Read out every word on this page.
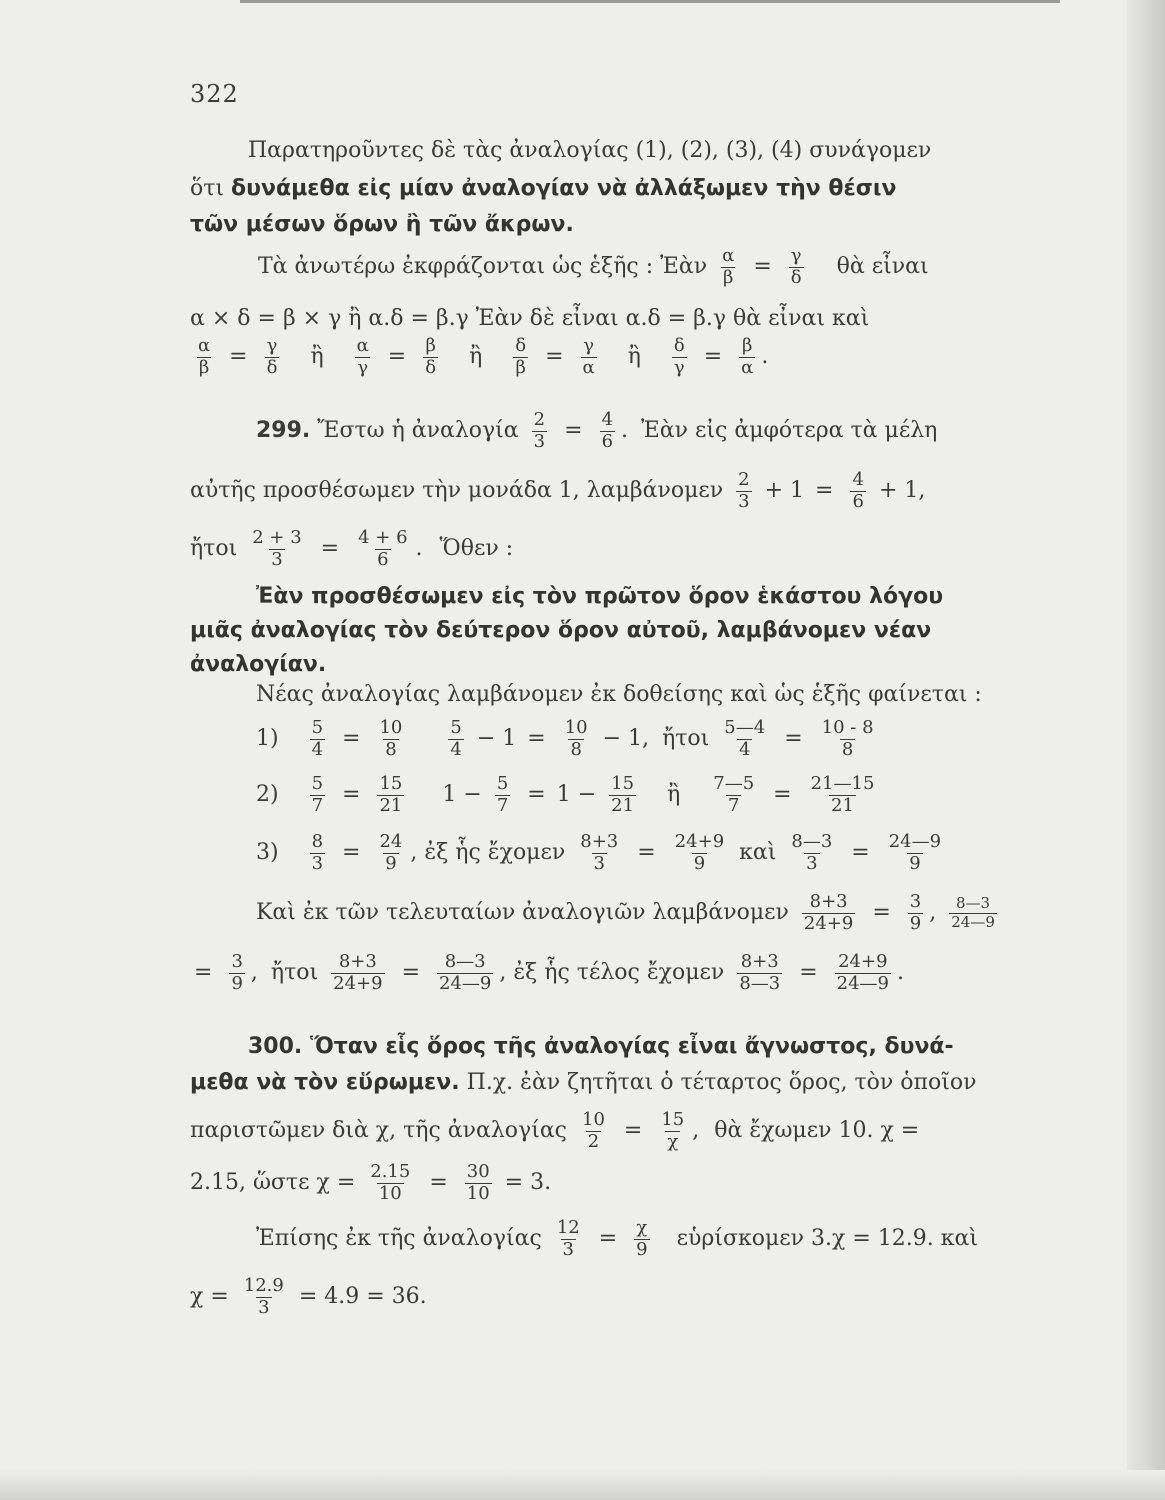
322
Παρατηρoῦντες δὲ τὰς ἀναλογίας (1), (2), (3), (4) συνάγομεν
ὅτι δυνάμεθα εἰς μίαν ἀναλογίαν νὰ ἀλλάξωμεν τὴν θέσιν
τῶν μέσων ὅρων ἢ τῶν ἄκρων.
Τὰ ἀνωτέρω ἐκφράζονται ὡς ἑξῆς : Ἐὰν $\frac{\alpha}{\beta} = \frac{\gamma}{\delta}$ θὰ εἶναι
α × δ = β × γ ἢ α.δ = β.γ Ἐὰν δὲ εἶναι α.δ = β.γ θὰ εἶναι καὶ
$\frac{\alpha}{\beta} = \frac{\gamma}{\delta}$ ἢ $\frac{\alpha}{\gamma} = \frac{\beta}{\delta}$ ἢ $\frac{\delta}{\beta} = \frac{\gamma}{\alpha}$ ἢ $\frac{\delta}{\gamma} = \frac{\beta}{\alpha}$ .
299. Ἔστω ἡ ἀναλογία $\frac{2}{3} = \frac{4}{6}$ . Ἐὰν εἰς ἀμφότερα τὰ μέλη
αὐτῆς προσθέσωμεν τὴν μονάδα 1, λαμβάνομεν $\frac{2}{3} + 1 = \frac{4}{6} + 1$,
ἤτοι $\frac{2 + 3}{3} = \frac{4 + 6}{6}$ . Ὅθεν :
Ἐὰν προσθέσωμεν εἰς τὸν πρῶτον ὅρον ἑκάστου λόγου
μιᾶς ἀναλογίας τὸν δεύτερον ὅρον αὐτοῦ, λαμβάνομεν νέαν
ἀναλογίαν.
Νέας ἀναλογίας λαμβάνομεν ἐκ δοθείσης καὶ ὡς ἑξῆς φαίνεται :
$1) \frac{5}{4} = \frac{10}{8}$
$\frac{5}{4} - 1 = \frac{10}{8} - 1$, ἤτοι $\frac{5—4}{4} = \frac{10 - 8}{8}$
$2) \frac{5}{7} = \frac{15}{21} 1 - \frac{5}{7} = 1 - \frac{15}{21}$ ἢ $\frac{7—5}{7} = \frac{21—15}{21}$
$3) \frac{8}{3} = \frac{24}{9}$ , ἐξ ἧς ἔχομεν $\frac{8+3}{3} = \frac{24+9}{9}$ καὶ $\frac{8—3}{3} = \frac{24—9}{9}$
Καὶ ἐκ τῶν τελευταίων ἀναλογιῶν λαμβάνομεν $\frac{8+3}{24+9} = \frac{3}{9}$ , $\frac{8—3}{24—9}$
= $\frac{3}{9}$ , ἤτοι $\frac{8+3}{24+9} = \frac{8—3}{24—9}$ , ἐξ ἧς τέλος ἔχομεν $\frac{8+3}{8—3} = \frac{24+9}{24—9}$ .
300. Ὅταν εἷς ὅρος τῆς ἀναλογίας εἶναι ἄγνωστος, δυνά-
μεθα νὰ τὸν εὕρωμεν. Π.χ. ἐὰν ζητῆται ὁ τέταρτος ὅρος, τὸν ὁποῖον
παριστῶμεν διὰ χ, τῆς ἀναλογίας $\frac{10}{2} = \frac{15}{\chi}$ , θὰ ἔχωμεν 10. χ =
2.15, ὥστε $\chi = \frac{2.15}{10} = \frac{30}{10} = 3$.
Ἐπίσης ἐκ τῆς ἀναλογίας $\frac{12}{3} = \frac{\chi}{9}$ εὑρίσκομεν 3.χ = 12.9. καὶ
$\chi = \frac{12.9}{3} = 4.9 = 36$.
